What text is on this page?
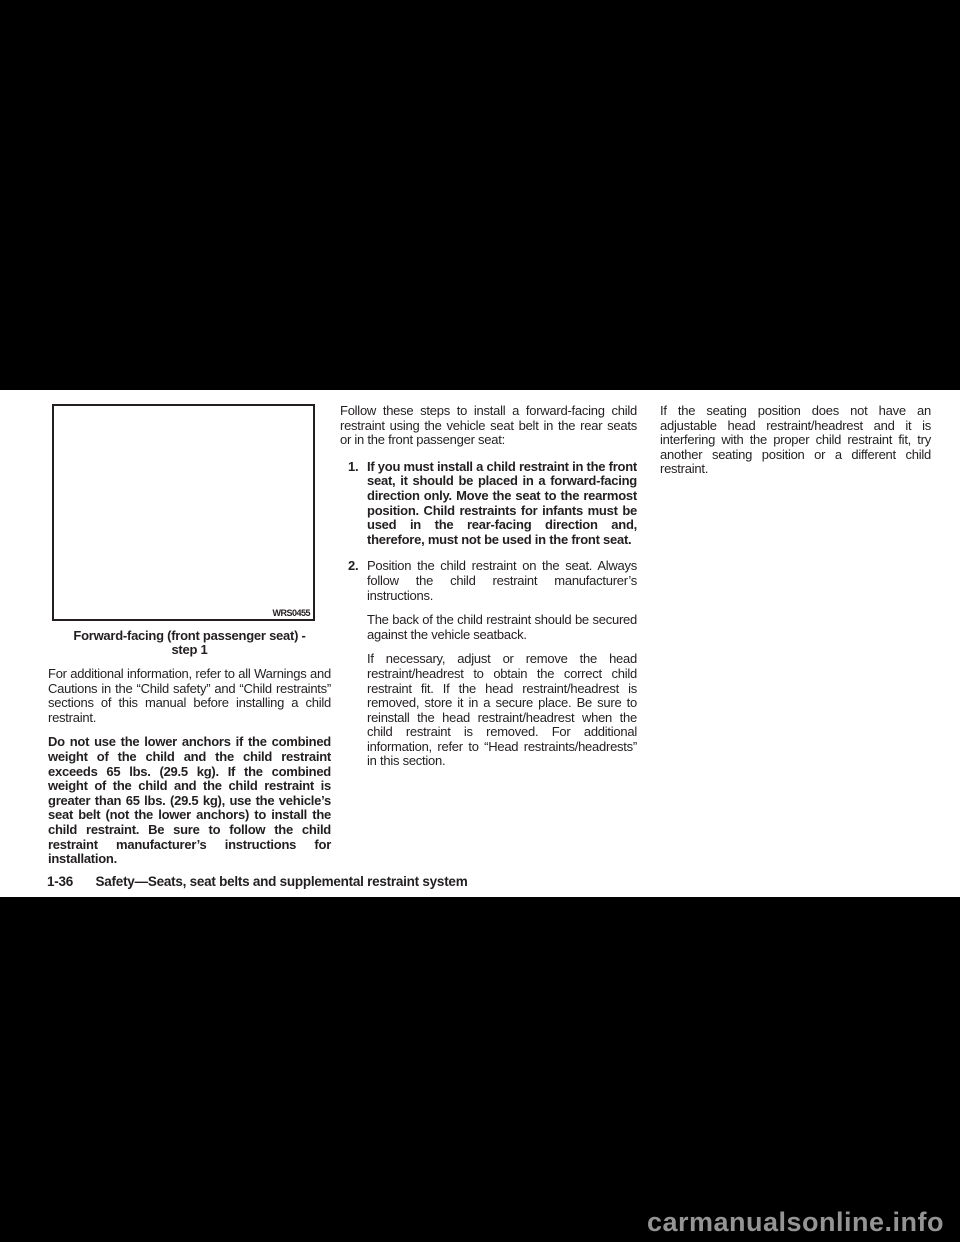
WRS0455
Forward-facing (front passenger seat) -
step 1

For additional information, refer to all Warnings and Cautions in the “Child safety” and “Child restraints” sections of this manual before installing a child restraint.

Do not use the lower anchors if the combined weight of the child and the child restraint exceeds 65 lbs. (29.5 kg). If the combined weight of the child and the child restraint is greater than 65 lbs. (29.5 kg), use the vehicle’s seat belt (not the lower anchors) to install the child restraint. Be sure to follow the child restraint manufacturer’s instructions for installation.

Follow these steps to install a forward-facing child restraint using the vehicle seat belt in the rear seats or in the front passenger seat:

1. If you must install a child restraint in the front seat, it should be placed in a forward-facing direction only. Move the seat to the rearmost position. Child restraints for infants must be used in the rear-facing direction and, therefore, must not be used in the front seat.
2. Position the child restraint on the seat. Always follow the child restraint manufacturer’s instructions.

The back of the child restraint should be secured against the vehicle seatback.

If necessary, adjust or remove the head restraint/headrest to obtain the correct child restraint fit. If the head restraint/headrest is removed, store it in a secure place. Be sure to reinstall the head restraint/headrest when the child restraint is removed. For additional information, refer to “Head restraints/headrests” in this section.

If the seating position does not have an adjustable head restraint/headrest and it is interfering with the proper child restraint fit, try another seating position or a different child restraint.

1-36 Safety—Seats, seat belts and supplemental restraint system
carmanualsonline.info
